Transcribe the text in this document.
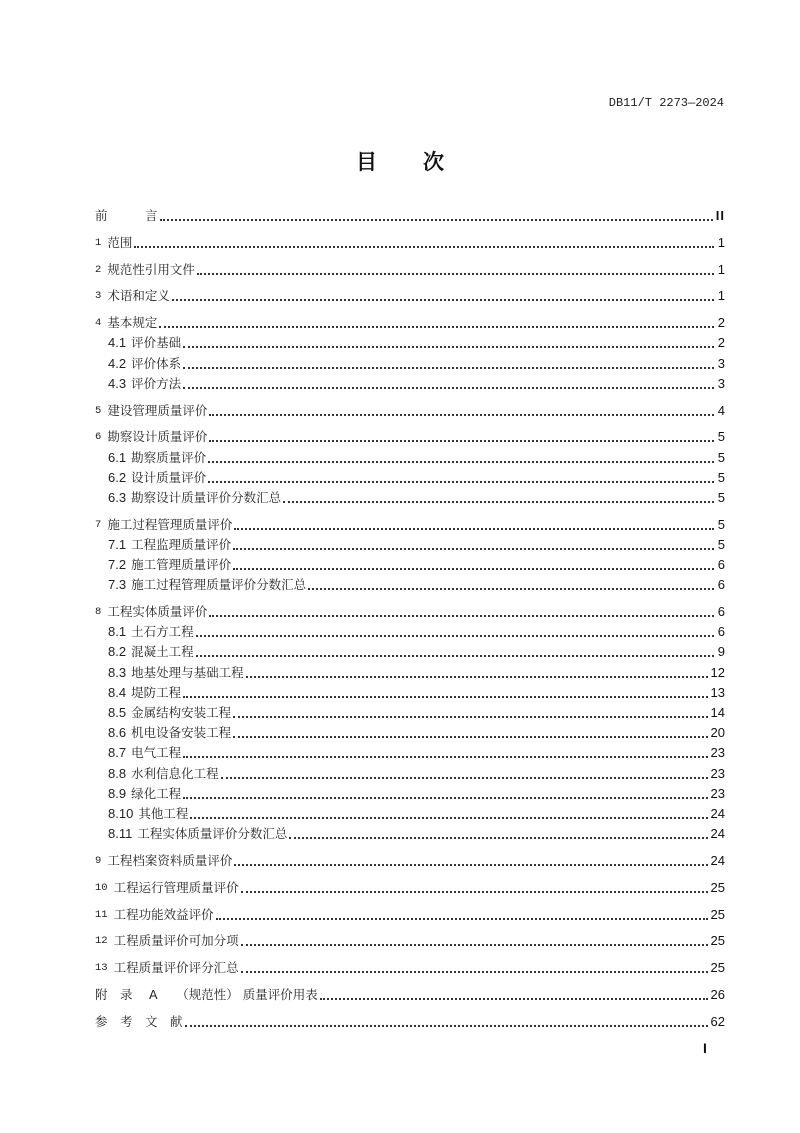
DB11/T 2273—2024
目 次
前　　　言	II
1 范围	1
2 规范性引用文件	1
3 术语和定义	1
4 基本规定	2
4.1 评价基础	2
4.2 评价体系	3
4.3 评价方法	3
5 建设管理质量评价	4
6 勘察设计质量评价	5
6.1 勘察质量评价	5
6.2 设计质量评价	5
6.3 勘察设计质量评价分数汇总	5
7 施工过程管理质量评价	5
7.1 工程监理质量评价	5
7.2 施工管理质量评价	6
7.3 施工过程管理质量评价分数汇总	6
8 工程实体质量评价	6
8.1 土石方工程	6
8.2 混凝土工程	9
8.3 地基处理与基础工程	12
8.4 堤防工程	13
8.5 金属结构安装工程	14
8.6 机电设备安装工程	20
8.7 电气工程	23
8.8 水利信息化工程	23
8.9 绿化工程	23
8.10 其他工程	24
8.11 工程实体质量评价分数汇总	24
9 工程档案资料质量评价	24
10 工程运行管理质量评价	25
11 工程功能效益评价	25
12 工程质量评价可加分项	25
13 工程质量评价评分汇总	25
附　录　 A　　（规范性） 质量评价用表	26
参　考　文　献	62
I
